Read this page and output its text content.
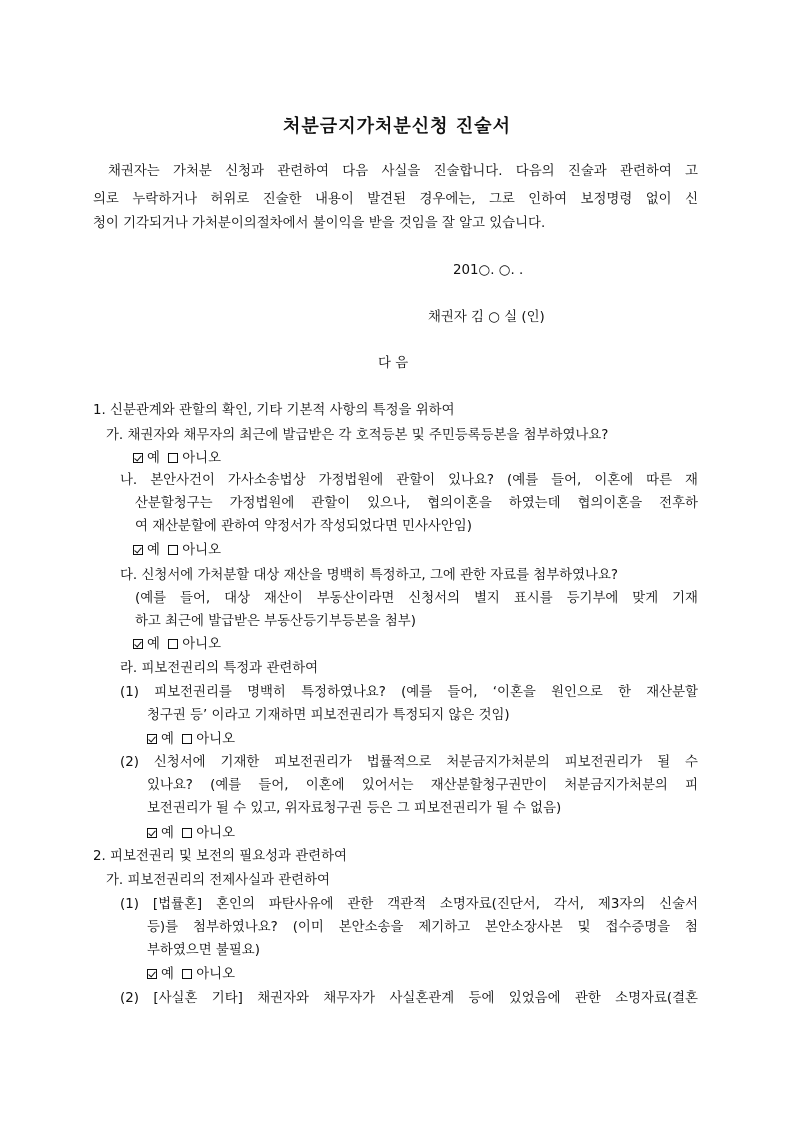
처분금지가처분신청 진술서
채권자는 가처분 신청과 관련하여 다음 사실을 진술합니다. 다음의 진술과 관련하여 고
의로 누락하거나 허위로 진술한 내용이 발견된 경우에는, 그로 인하여 보정명령 없이 신
청이 기각되거나 가처분이의절차에서 불이익을 받을 것임을 잘 알고 있습니다.
201○. ○. .
채권자 김 ○ 실 (인)
다 음
1. 신분관계와 관할의 확인, 기타 기본적 사항의 특정을 위하여
가. 채권자와 채무자의 최근에 발급받은 각 호적등본 및 주민등록등본을 첨부하였나요?
예 아니오
나. 본안사건이 가사소송법상 가정법원에 관할이 있나요? (예를 들어, 이혼에 따른 재
산분할청구는 가정법원에 관할이 있으나, 협의이혼을 하였는데 협의이혼을 전후하
여 재산분할에 관하여 약정서가 작성되었다면 민사사안임)
예 아니오
다. 신청서에 가처분할 대상 재산을 명백히 특정하고, 그에 관한 자료를 첨부하였나요?
(예를 들어, 대상 재산이 부동산이라면 신청서의 별지 표시를 등기부에 맞게 기재
하고 최근에 발급받은 부동산등기부등본을 첨부)
예 아니오
라. 피보전권리의 특정과 관련하여
(1) 피보전권리를 명백히 특정하였나요? (예를 들어, ‘이혼을 원인으로 한 재산분할
청구권 등’ 이라고 기재하면 피보전권리가 특정되지 않은 것임)
예 아니오
(2) 신청서에 기재한 피보전권리가 법률적으로 처분금지가처분의 피보전권리가 될 수
있나요? (예를 들어, 이혼에 있어서는 재산분할청구권만이 처분금지가처분의 피
보전권리가 될 수 있고, 위자료청구권 등은 그 피보전권리가 될 수 없음)
예 아니오
2. 피보전권리 및 보전의 필요성과 관련하여
가. 피보전권리의 전제사실과 관련하여
(1) [법률혼] 혼인의 파탄사유에 관한 객관적 소명자료(진단서, 각서, 제3자의 신술서
등)를 첨부하였나요? (이미 본안소송을 제기하고 본안소장사본 및 접수증명을 첨
부하였으면 불필요)
예 아니오
(2) [사실혼 기타] 채권자와 채무자가 사실혼관계 등에 있었음에 관한 소명자료(결혼
